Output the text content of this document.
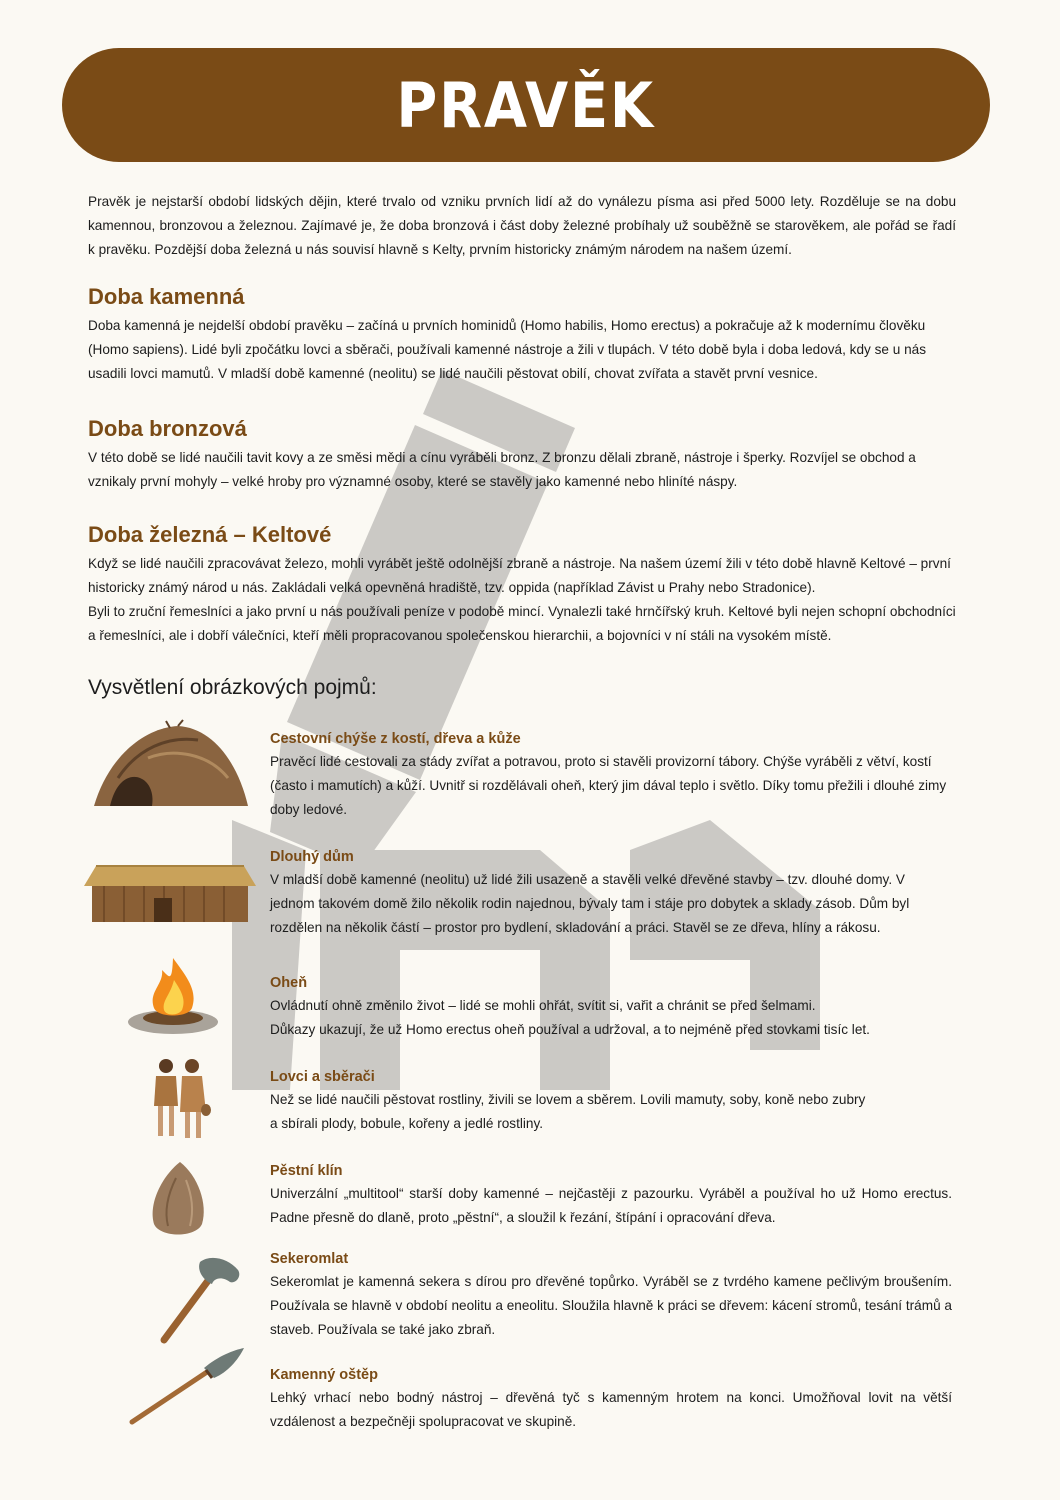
PRAVĚK

Pravěk je nejstarší období lidských dějin, které trvalo od vzniku prvních lidí až do vynálezu písma asi před 5000 lety. Rozděluje se na dobu kamennou, bronzovou a železnou. Zajímavé je, že doba bronzová i část doby železné probíhaly už souběžně se starověkem, ale pořád se řadí k pravěku. Pozdější doba železná u nás souvisí hlavně s Kelty, prvním historicky známým národem na našem území.

Doba kamenná

Doba kamenná je nejdelší období pravěku – začíná u prvních hominidů (Homo habilis, Homo erectus) a pokračuje až k modernímu člověku (Homo sapiens). Lidé byli zpočátku lovci a sběrači, používali kamenné nástroje a žili v tlupách. V této době byla i doba ledová, kdy se u nás usadili lovci mamutů. V mladší době kamenné (neolitu) se lidé naučili pěstovat obilí, chovat zvířata a stavět první vesnice.

Doba bronzová

V této době se lidé naučili tavit kovy a ze směsi mědi a cínu vyráběli bronz. Z bronzu dělali zbraně, nástroje i šperky. Rozvíjel se obchod a vznikaly první mohyly – velké hroby pro významné osoby, které se stavěly jako kamenné nebo hliníté náspy.

Doba železná – Keltové

Když se lidé naučili zpracovávat železo, mohli vyrábět ještě odolnější zbraně a nástroje. Na našem území žili v této době hlavně Keltové – první historicky známý národ u nás. Zakládali velká opevněná hradiště, tzv. oppida (například Závist u Prahy nebo Stradonice).

Byli to zruční řemeslníci a jako první u nás používali peníze v podobě mincí. Vynalezli také hrnčířský kruh. Keltové byli nejen schopní obchodníci a řemeslníci, ale i dobří válečníci, kteří měli propracovanou společenskou hierarchii, a bojovníci v ní stáli na vysokém místě.

Vysvětlení obrázkových pojmů:
Cestovní chýše z kostí, dřeva a kůže

Pravěcí lidé cestovali za stády zvířat a potravou, proto si stavěli provizorní tábory. Chýše vyráběli z větví, kostí (často i mamutích) a kůží. Uvnitř si rozdělávali oheň, který jim dával teplo i světlo. Díky tomu přežili i dlouhé zimy doby ledové.

Dlouhý dům

V mladší době kamenné (neolitu) už lidé žili usazeně a stavěli velké dřevěné stavby – tzv. dlouhé domy. V jednom takovém domě žilo několik rodin najednou, bývaly tam i stáje pro dobytek a sklady zásob. Dům byl rozdělen na několik částí – prostor pro bydlení, skladování a práci. Stavěl se ze dřeva, hlíny a rákosu.

Oheň

Ovládnutí ohně změnilo život – lidé se mohli ohřát, svítit si, vařit a chránit se před šelmami.

Důkazy ukazují, že už Homo erectus oheň používal a udržoval, a to nejméně před stovkami tisíc let.

Lovci a sběrači

Než se lidé naučili pěstovat rostliny, živili se lovem a sběrem. Lovili mamuty, soby, koně nebo zubry

a sbírali plody, bobule, kořeny a jedlé rostliny.

Pěstní klín

Univerzální „multitool“ starší doby kamenné – nejčastěji z pazourku. Vyráběl a používal ho už Homo erectus. Padne přesně do dlaně, proto „pěstní“, a sloužil k řezání, štípání i opracování dřeva.

Sekeromlat

Sekeromlat je kamenná sekera s dírou pro dřevěné topůrko. Vyráběl se z tvrdého kamene pečlivým broušením. Používala se hlavně v období neolitu a eneolitu. Sloužila hlavně k práci se dřevem: kácení stromů, tesání trámů a staveb. Používala se také jako zbraň.

Kamenný oštěp

Lehký vrhací nebo bodný nástroj – dřevěná tyč s kamenným hrotem na konci. Umožňoval lovit na větší vzdálenost a bezpečněji spolupracovat ve skupině.
